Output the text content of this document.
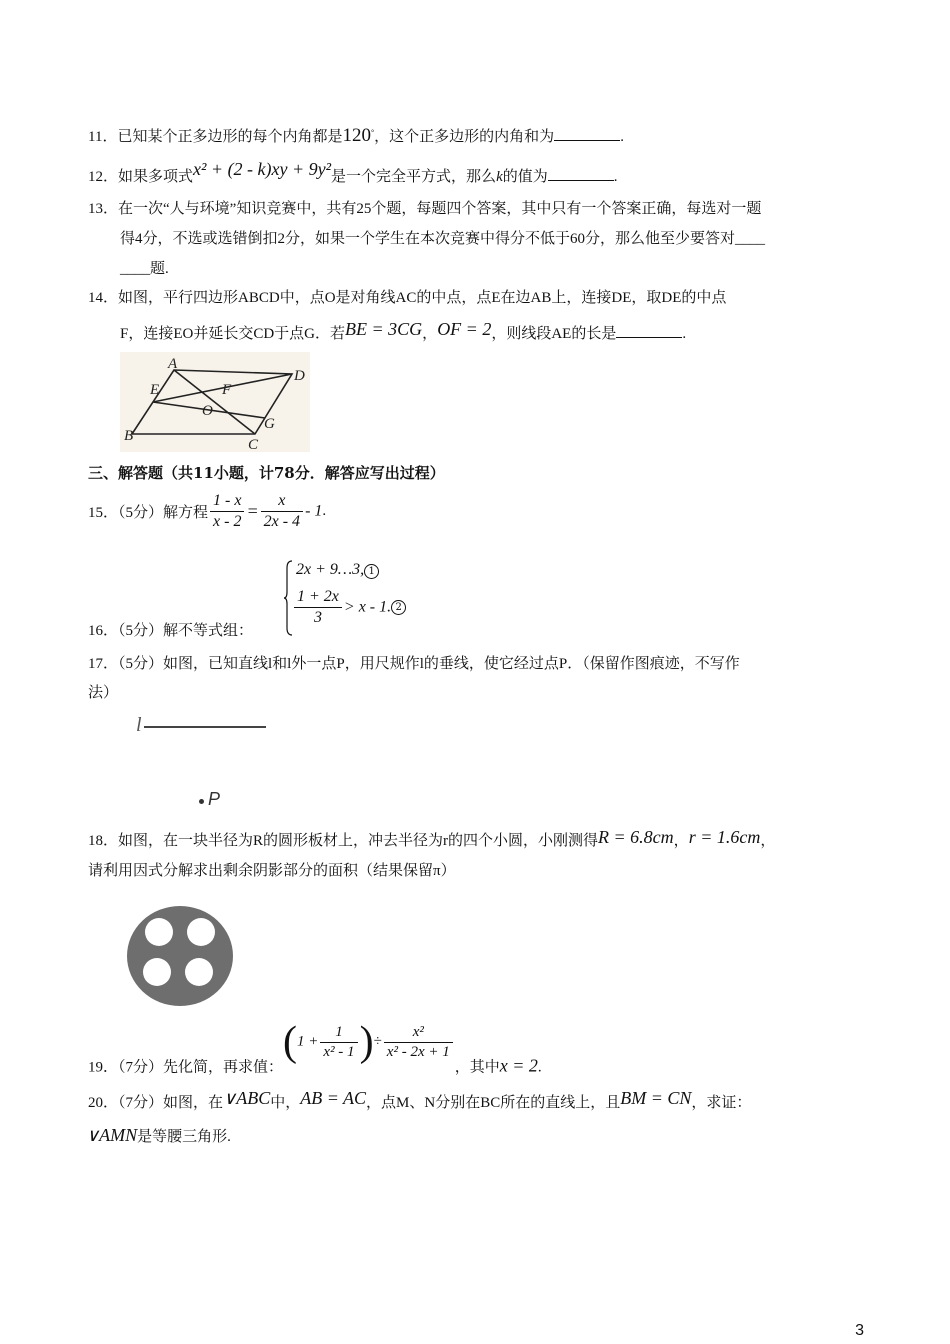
11．已知某个正多边形的每个内角都是120°，这个正多边形的内角和为	.
12．如果多项式x² + (2 - k)xy + 9y²是一个完全平方式，那么k的值为	.
13．在一次“人与环境”知识竞赛中，共有25个题，每题四个答案，其中只有一个答案正确，每选对一题
得4分，不选或选错倒扣2分，如果一个学生在本次竞赛中得分不低于60分，那么他至少要答对____
____题.
14．如图，平行四边形ABCD中，点O是对角线AC的中点，点E在边AB上，连接DE，取DE的中点
F，连接EO并延长交CD于点G．若BE = 3CG，OF = 2，则线段AE的长是	.
A
D
E	F
O
G
B
C
三、解答题（共11小题，计78分．解答应写出过程）
15．（5分）解方程 $\frac{1 - x}{x - 2} = \frac{x}{2x - 4} - 1$.
16．（5分）解不等式组：
2x + 9…3, 1
$\frac{1 + 2x}{3} > x - 1$. 2
17．（5分）如图，已知直线l和l外一点P，用尺规作l的垂线，使它经过点P．（保留作图痕迹，不写作
法）
l
P
18．如图，在一块半径为R的圆形板材上，冲去半径为r的四个小圆，小刚测得R = 6.8cm，r = 1.6cm，
请利用因式分解求出剩余阴影部分的面积（结果保留π）
19．（7分）先化简，再求值：($1 + \frac{1}{\text{x² - 1}}$ )÷ $\frac{\text{x²}}{\text{x² - 2x + 1}}$
，其中x = 2.
20．（7分）如图，在∨ABC中，AB = AC，点M、N分别在BC所在的直线上，且BM = CN，求证：
∨AMN是等腰三角形.
3
